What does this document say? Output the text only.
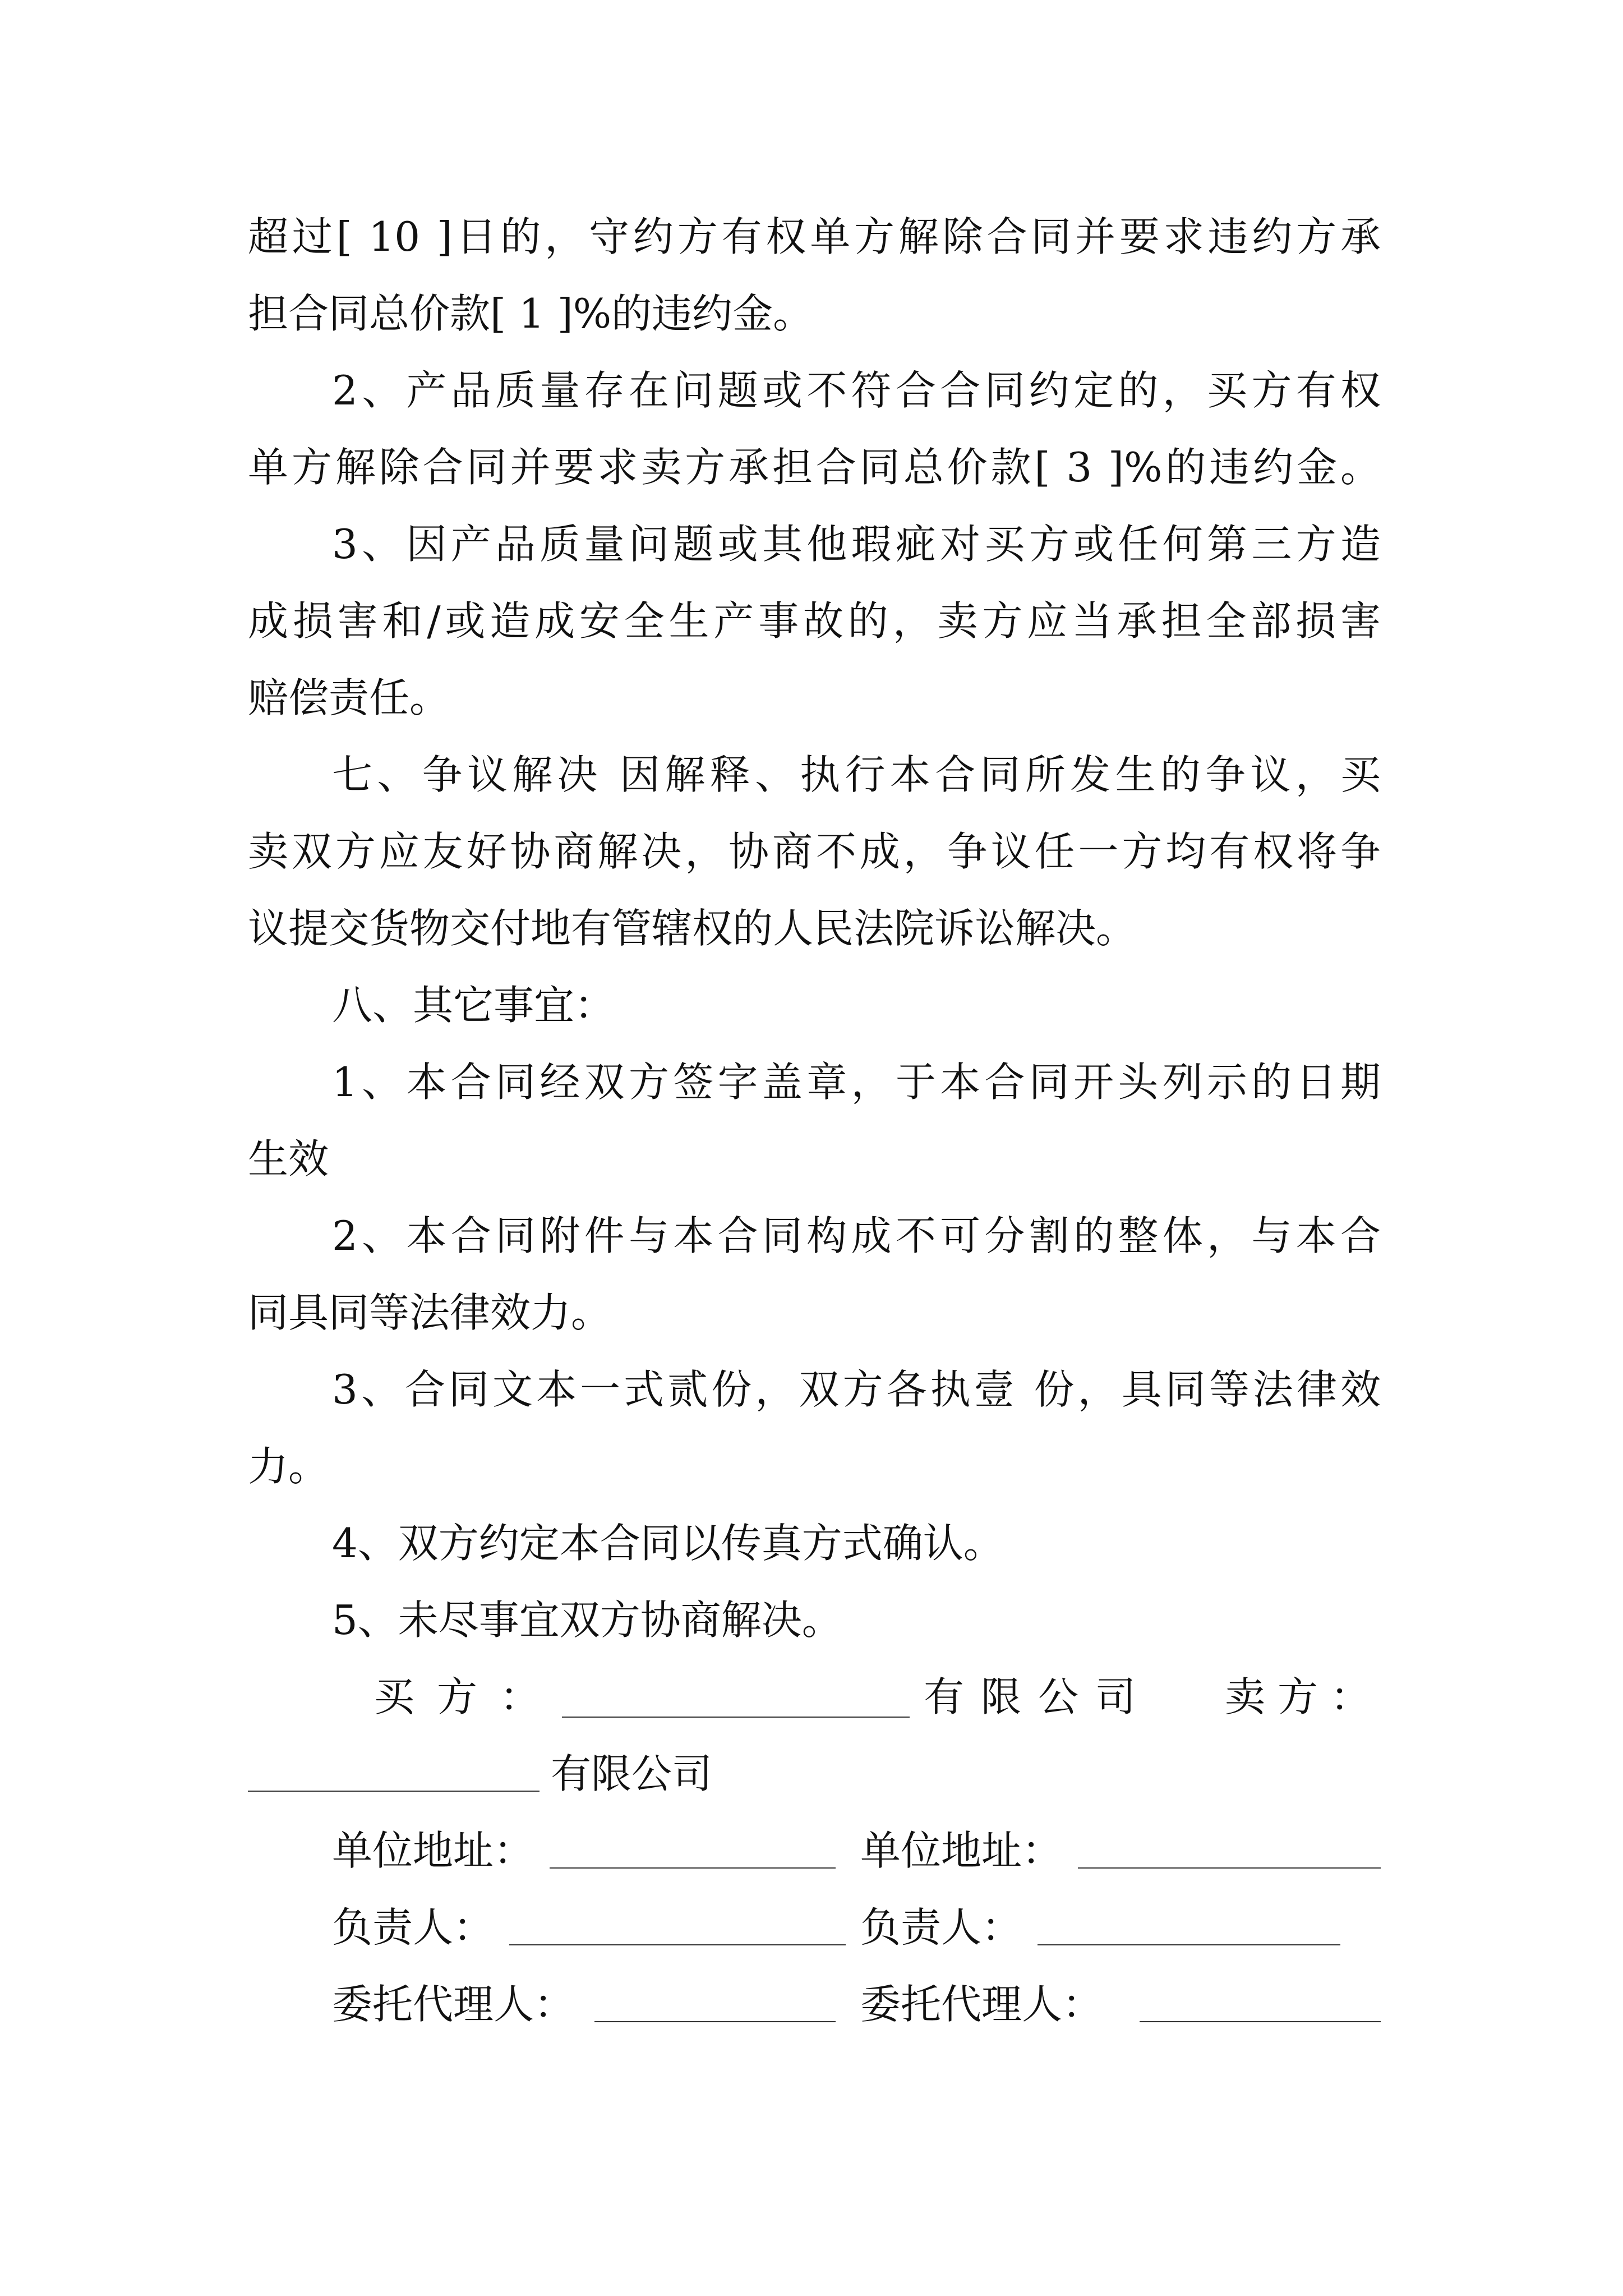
超过[ 10 ]日的，守约方有权单方解除合同并要求违约方承
担合同总价款[ 1 ]%的违约金。
2、产品质量存在问题或不符合合同约定的，买方有权
单方解除合同并要求卖方承担合同总价款[ 3 ]%的违约金。
3、因产品质量问题或其他瑕疵对买方或任何第三方造
成损害和/或造成安全生产事故的，卖方应当承担全部损害
赔偿责任。
七、争议解决 因解释、执行本合同所发生的争议，买
卖双方应友好协商解决，协商不成，争议任一方均有权将争
议提交货物交付地有管辖权的人民法院诉讼解决。
八、其它事宜：
1、本合同经双方签字盖章，于本合同开头列示的日期
生效
2、本合同附件与本合同构成不可分割的整体，与本合
同具同等法律效力。
3、合同文本一式贰份，双方各执壹 份，具同等法律效
力。
4、双方约定本合同以传真方式确认。
5、未尽事宜双方协商解决。
买方：	有限公司 卖方：
有限公司
单位地址：	单位地址：
负责人：	负责人：
委托代理人：	委托代理人：
